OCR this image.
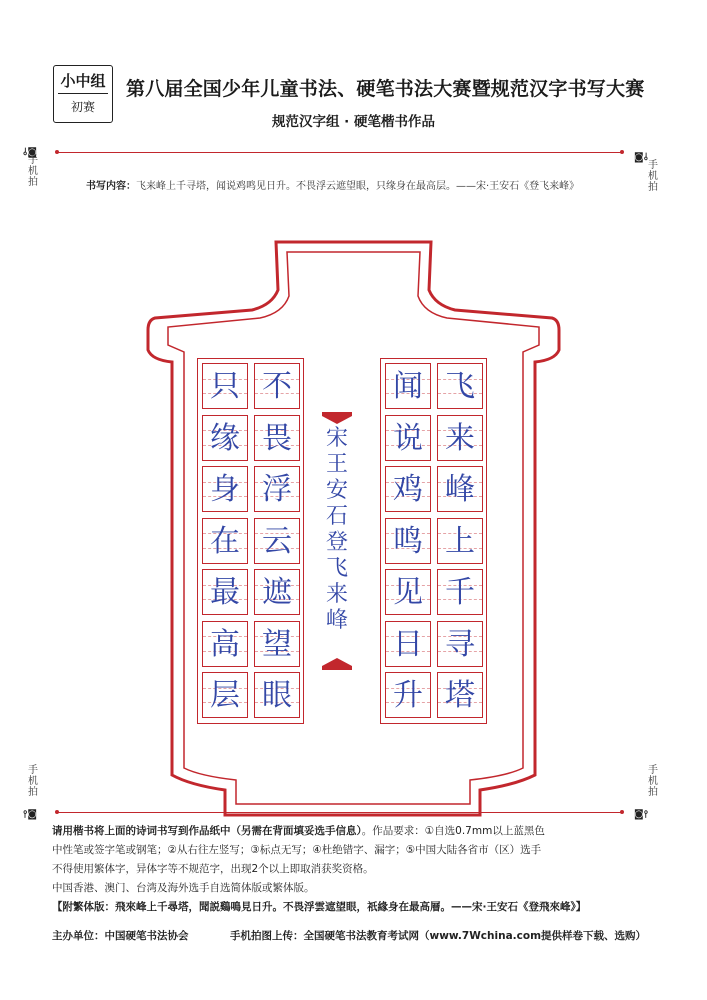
小中组
初赛
第八届全国少年儿童书法、硬笔书法大赛暨规范汉字书写大赛
规范汉字组 · 硬笔楷书作品
⫰◙
手机拍
◙⫰
手机拍
书写内容：飞来峰上千寻塔，闻说鸡鸣见日升。不畏浮云遮望眼，只缘身在最高层。——宋·王安石《登飞来峰》
只
缘
身
在
最
高
层
不
畏
浮
云
遮
望
眼
闻
说
鸡
鸣
见
日
升
飞
来
峰
上
千
寻
塔
宋
王
安
石
登
飞
来
峰
手机拍
⫯◙
手机拍
◙⫯
请用楷书将上面的诗词书写到作品纸中（另需在背面填妥选手信息）。作品要求：①自选0.7mm以上蓝黑色
中性笔或签字笔或钢笔；②从右往左竖写；③标点无写；④杜绝错字、漏字；⑤中国大陆各省市（区）选手
不得使用繁体字，异体字等不规范字，出现2个以上即取消获奖资格。
中国香港、澳门、台湾及海外选手自选简体版或繁体版。
【附繁体版：飛來峰上千尋塔，聞説鷄鳴見日升。不畏浮雲遮望眼，祇緣身在最高層。——宋·王安石《登飛來峰》】
主办单位：中国硬笔书法协会	手机拍图上传：全国硬笔书法教育考试网（www.7Wchina.com提供样卷下载、选购）
